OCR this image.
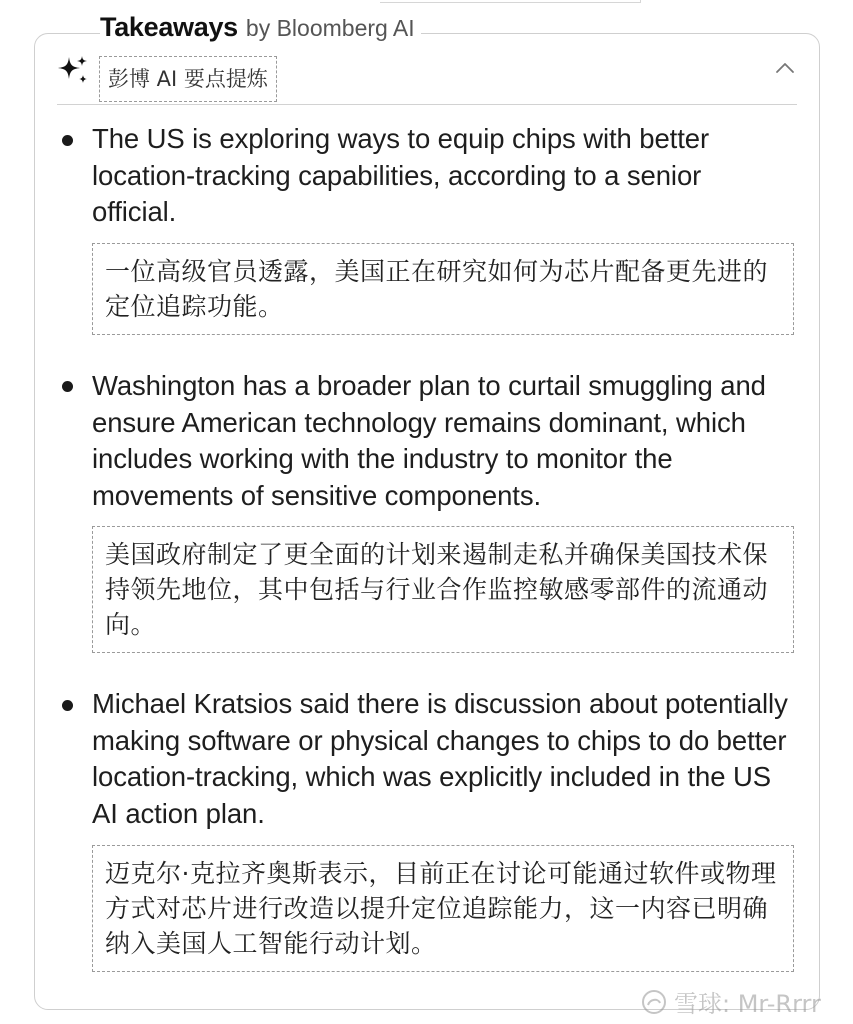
Takeaways by Bloomberg AI
彭博 AI 要点提炼
The US is exploring ways to equip chips with better location-tracking capabilities, according to a senior official.
一位高级官员透露，美国正在研究如何为芯片配备更先进的定位追踪功能。
Washington has a broader plan to curtail smuggling and ensure American technology remains dominant, which includes working with the industry to monitor the movements of sensitive components.
美国政府制定了更全面的计划来遏制走私并确保美国技术保持领先地位，其中包括与行业合作监控敏感零部件的流通动向。
Michael Kratsios said there is discussion about potentially making software or physical changes to chips to do better location-tracking, which was explicitly included in the US AI action plan.
迈克尔·克拉齐奥斯表示，目前正在讨论可能通过软件或物理方式对芯片进行改造以提升定位追踪能力，这一内容已明确纳入美国人工智能行动计划。
雪球: Mr-Rrrr
